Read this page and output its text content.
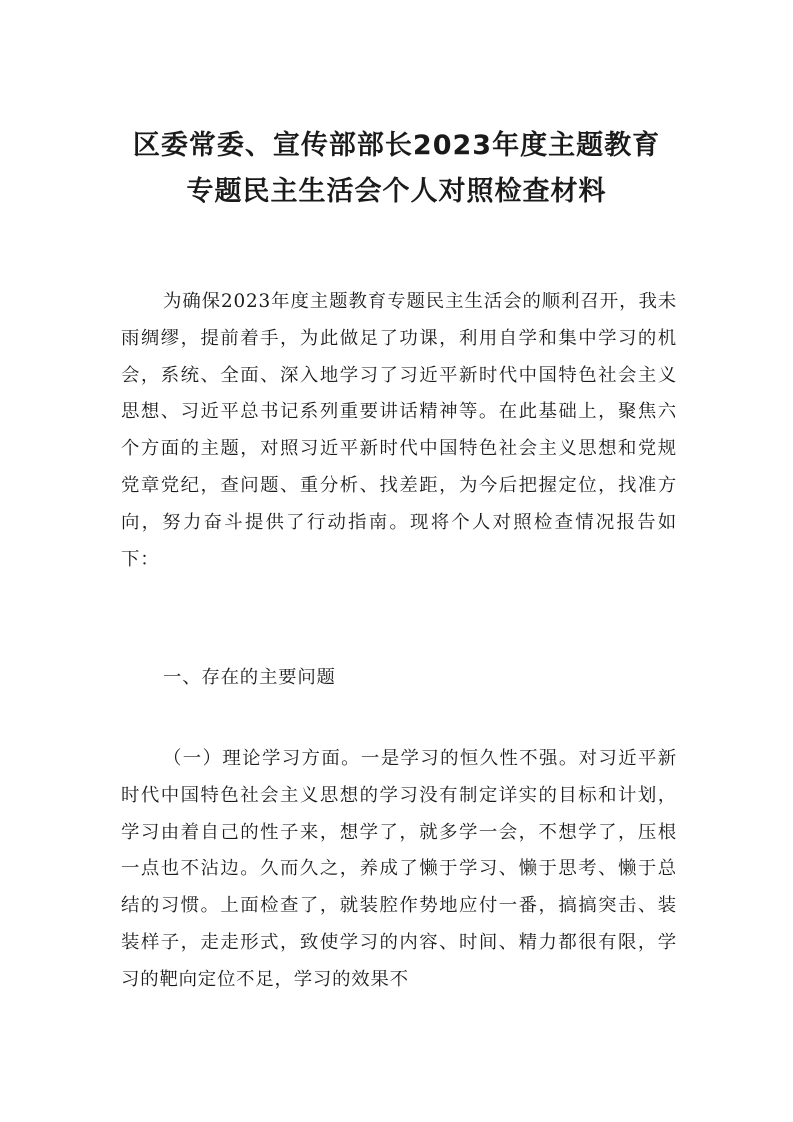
区委常委、宣传部部长2023年度主题教育
专题民主生活会个人对照检查材料

为确保2023年度主题教育专题民主生活会的顺利召开，我未雨绸缪，提前着手，为此做足了功课，利用自学和集中学习的机会，系统、全面、深入地学习了习近平新时代中国特色社会主义思想、习近平总书记系列重要讲话精神等。在此基础上，聚焦六个方面的主题，对照习近平新时代中国特色社会主义思想和党规党章党纪，查问题、重分析、找差距，为今后把握定位，找准方向，努力奋斗提供了行动指南。现将个人对照检查情况报告如下：

一、存在的主要问题

（一）理论学习方面。一是学习的恒久性不强。对习近平新时代中国特色社会主义思想的学习没有制定详实的目标和计划，学习由着自己的性子来，想学了，就多学一会，不想学了，压根一点也不沾边。久而久之，养成了懒于学习、懒于思考、懒于总结的习惯。上面检查了，就装腔作势地应付一番，搞搞突击、装装样子，走走形式，致使学习的内容、时间、精力都很有限，学习的靶向定位不足，学习的效果不
